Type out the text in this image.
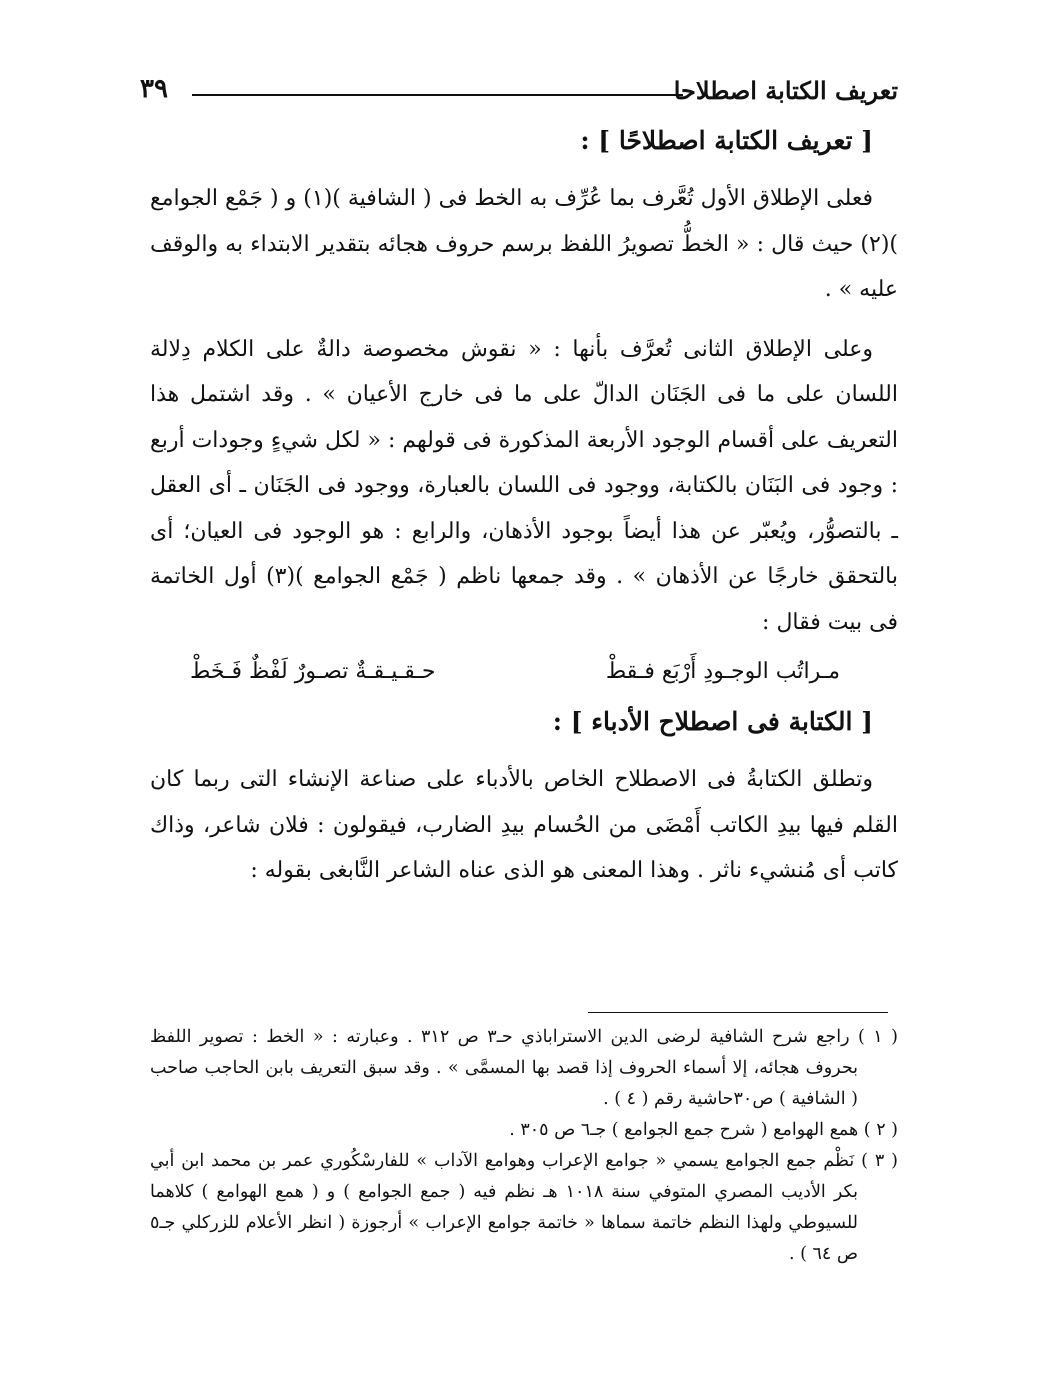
تعريف الكتابة اصطلاحا
٣٩
[ تعريف الكتابة اصطلاحًا ] :

فعلى الإطلاق الأول تُعَّرف بما عُرِّف به الخط فى ( الشافية )(١) و ( جَمْع الجوامع )(٢) حيث قال : « الخطُّ تصويرُ اللفظ برسم حروف هجائه بتقدير الابتداء به والوقف عليه » .

وعلى الإطلاق الثانى تُعرَّف بأنها : « نقوش مخصوصة دالةٌ على الكلام دِلالة اللسان على ما فى الجَنَان الدالّ على ما فى خارج الأعيان » . وقد اشتمل هذا التعريف على أقسام الوجود الأربعة المذكورة فى قولهم : « لكل شيءٍ وجودات أربع : وجود فى البَنَان بالكتابة، ووجود فى اللسان بالعبارة، ووجود فى الجَنَان ـ أى العقل ـ بالتصوُّر، ويُعبّر عن هذا أيضاً بوجود الأذهان، والرابع : هو الوجود فى العيان؛ أى بالتحقق خارجًا عن الأذهان » . وقد جمعها ناظم ( جَمْع الجوامع )(٣) أول الخاتمة فى بيت فقال :

مـراتُب الوجـودِ أَرْبَع فـقطْ
حـقـيـقـةٌ تصـورٌ لَفْظٌ فَـخَطْ
[ الكتابة فى اصطلاح الأدباء ] :

وتطلق الكتابةُ فى الاصطلاح الخاص بالأدباء على صناعة الإنشاء التى ربما كان القلم فيها بيدِ الكاتب أَمْضَى من الحُسام بيدِ الضارب، فيقولون : فلان شاعر، وذاك كاتب أى مُنشيء ناثر . وهذا المعنى هو الذى عناه الشاعر النَّابغى بقوله :

( ١ ) راجع شرح الشافية لرضى الدين الاستراباذي حـ٣ ص ٣١٢ . وعبارته : « الخط : تصوير اللفظ بحروف هجائه، إلا أسماء الحروف إذا قصد بها المسمَّى » . وقد سبق التعريف بابن الحاجب صاحب ( الشافية ) ص٣٠حاشية رقم ( ٤ ) .

( ٢ ) همع الهوامع ( شرح جمع الجوامع ) جـ٦ ص ٣٠٥ .

( ٣ ) نَظْم جمع الجوامع يسمي « جوامع الإعراب وهوامع الآداب » للفارسْكُوري عمر بن محمد ابن أبي بكر الأديب المصري المتوفي سنة ١٠١٨ هـ نظم فيه ( جمع الجوامع ) و ( همع الهوامع ) كلاهما للسيوطي ولهذا النظم خاتمة سماها « خاتمة جوامع الإعراب » أرجوزة ( انظر الأعلام للزركلي جـ٥ ص ٦٤ ) .
